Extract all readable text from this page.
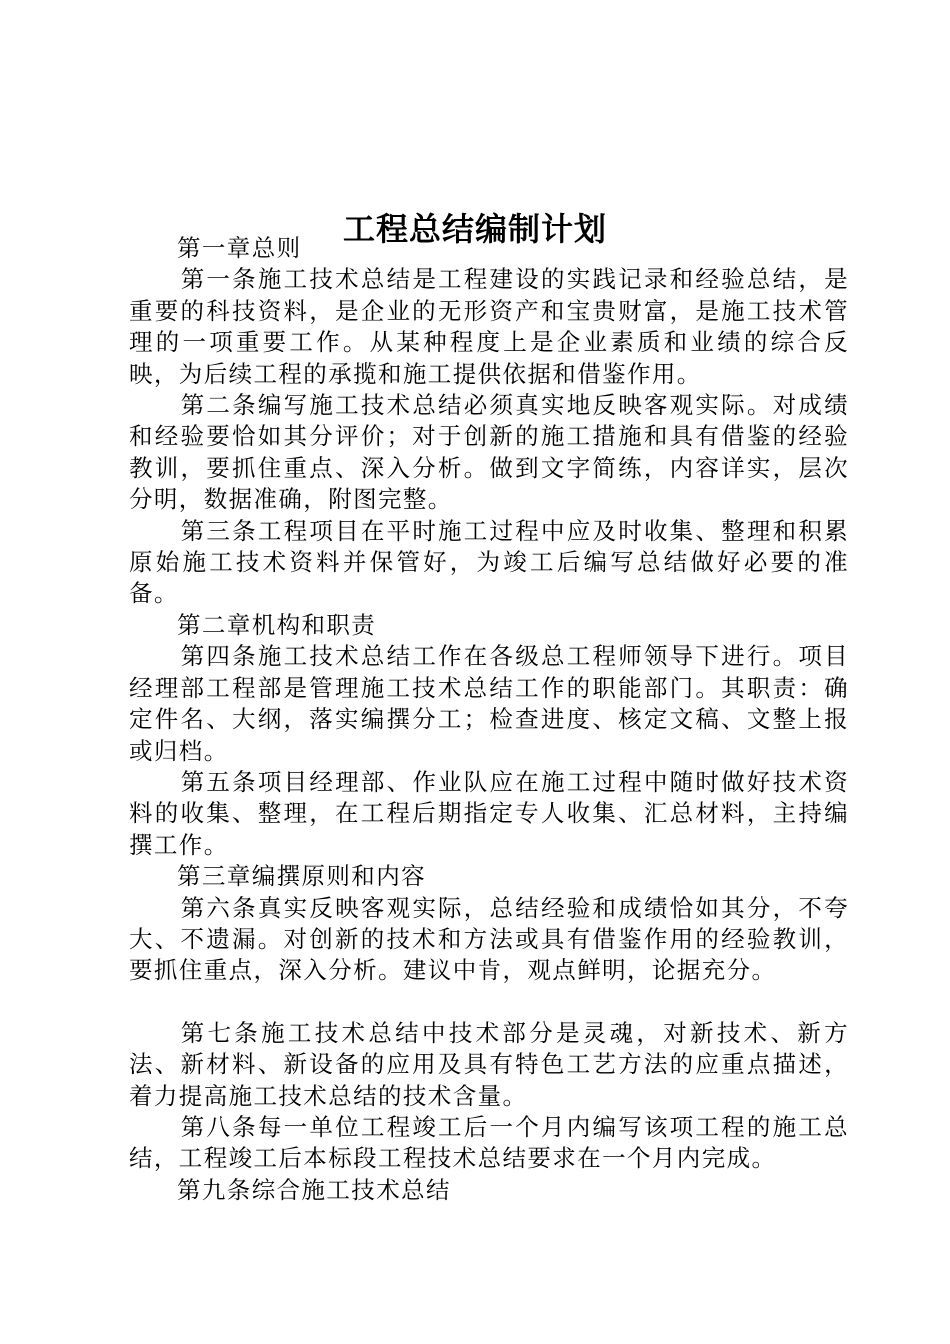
工程总结编制计划

第一章总则

第一条施工技术总结是工程建设的实践记录和经验总结，是重要的科技资料，是企业的无形资产和宝贵财富，是施工技术管理的一项重要工作。从某种程度上是企业素质和业绩的综合反映，为后续工程的承揽和施工提供依据和借鉴作用。

第二条编写施工技术总结必须真实地反映客观实际。对成绩和经验要恰如其分评价；对于创新的施工措施和具有借鉴的经验教训，要抓住重点、深入分析。做到文字简练，内容详实，层次分明，数据准确，附图完整。

第三条工程项目在平时施工过程中应及时收集、整理和积累原始施工技术资料并保管好，为竣工后编写总结做好必要的准备。

第二章机构和职责

第四条施工技术总结工作在各级总工程师领导下进行。项目经理部工程部是管理施工技术总结工作的职能部门。其职责：确定件名、大纲，落实编撰分工；检查进度、核定文稿、文整上报或归档。

第五条项目经理部、作业队应在施工过程中随时做好技术资料的收集、整理，在工程后期指定专人收集、汇总材料，主持编撰工作。

第三章编撰原则和内容

第六条真实反映客观实际，总结经验和成绩恰如其分，不夸大、不遗漏。对创新的技术和方法或具有借鉴作用的经验教训，要抓住重点，深入分析。建议中肯，观点鲜明，论据充分。

第七条施工技术总结中技术部分是灵魂，对新技术、新方法、新材料、新设备的应用及具有特色工艺方法的应重点描述，着力提高施工技术总结的技术含量。

第八条每一单位工程竣工后一个月内编写该项工程的施工总结，工程竣工后本标段工程技术总结要求在一个月内完成。

第九条综合施工技术总结
